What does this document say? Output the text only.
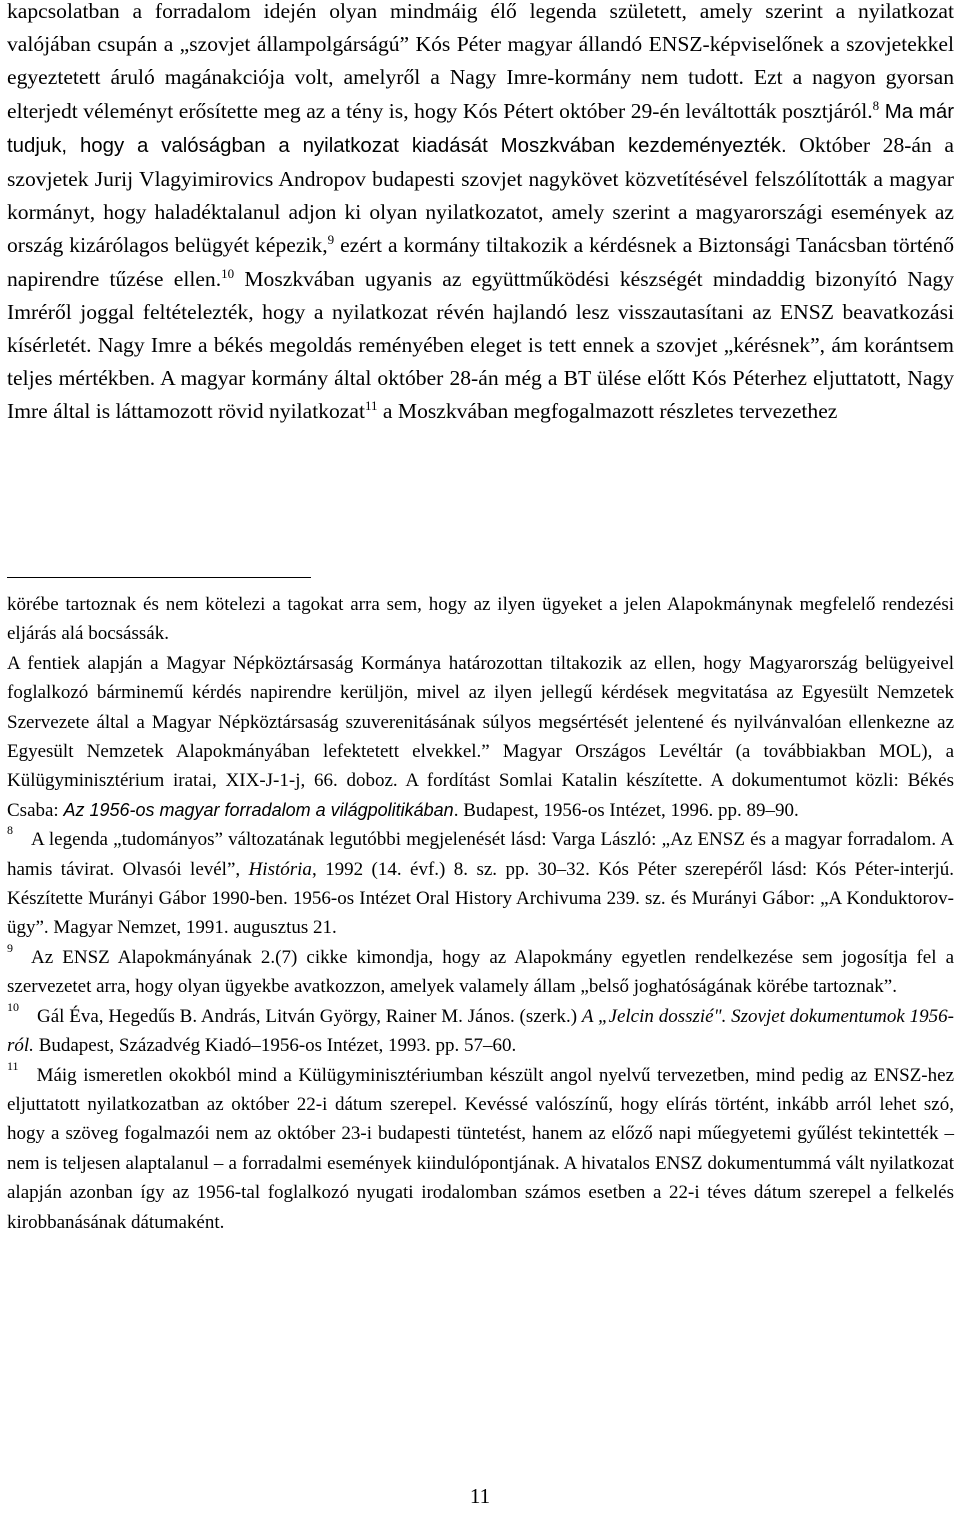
kapcsolatban a forradalom idején olyan mindmáig élő legenda született, amely szerint a nyilatkozat valójában csupán a „szovjet állampolgárságú” Kós Péter magyar állandó ENSZ-képviselőnek a szovjetekkel egyeztetett áruló magánakciója volt, amelyről a Nagy Imre-kormány nem tudott. Ezt a nagyon gyorsan elterjedt véleményt erősítette meg az a tény is, hogy Kós Pétert október 29-én leváltották posztjáról.$^8$ Ma már tudjuk, hogy a valóságban a nyilatkozat kiadását Moszkvában kezdeményezték. Október 28-án a szovjetek Jurij Vlagyimirovics Andropov budapesti szovjet nagykövet közvetítésével felszólították a magyar kormányt, hogy haladéktalanul adjon ki olyan nyilatkozatot, amely szerint a magyarországi események az ország kizárólagos belügyét képezik,$^9$ ezért a kormány tiltakozik a kérdésnek a Biztonsági Tanácsban történő napirendre tűzése ellen.$^{10}$ Moszkvában ugyanis az együttműködési készségét mindaddig bizonyító Nagy Imréről joggal feltételezték, hogy a nyilatkozat révén hajlandó lesz visszautasítani az ENSZ beavatkozási kísérletét. Nagy Imre a békés megoldás reményében eleget is tett ennek a szovjet „kérésnek”, ám korántsem teljes mértékben. A magyar kormány által október 28-án még a BT ülése előtt Kós Péterhez eljuttatott, Nagy Imre által is láttamozott rövid nyilatkozat$^{11}$ a Moszkvában megfogalmazott részletes tervezethez

körébe tartoznak és nem kötelezi a tagokat arra sem, hogy az ilyen ügyeket a jelen Alapokmánynak megfelelő rendezési eljárás alá bocsássák.

A fentiek alapján a Magyar Népköztársaság Kormánya határozottan tiltakozik az ellen, hogy Magyarország belügyeivel foglalkozó bárminemű kérdés napirendre kerüljön, mivel az ilyen jellegű kérdések megvitatása az Egyesült Nemzetek Szervezete által a Magyar Népköztársaság szuverenitásának súlyos megsértését jelentené és nyilvánvalóan ellenkezne az Egyesült Nemzetek Alapokmányában lefektetett elvekkel.” Magyar Országos Levéltár (a továbbiakban MOL), a Külügyminisztérium iratai, XIX-J-1-j, 66. doboz. A fordítást Somlai Katalin készítette. A dokumentumot közli: Békés Csaba: Az 1956-os magyar forradalom a világpolitikában. Budapest, 1956-os Intézet, 1996. pp. 89–90.

$^8$ A legenda „tudományos” változatának legutóbbi megjelenését lásd: Varga László: „Az ENSZ és a magyar forradalom. A hamis távirat. Olvasói levél”, História, 1992 (14. évf.) 8. sz. pp. 30–32. Kós Péter szerepéről lásd: Kós Péter-interjú. Készítette Murányi Gábor 1990-ben. 1956-os Intézet Oral History Archivuma 239. sz. és Murányi Gábor: „A Konduktorov-ügy”. Magyar Nemzet, 1991. augusztus 21.

$^9$ Az ENSZ Alapokmányának 2.(7) cikke kimondja, hogy az Alapokmány egyetlen rendelkezése sem jogosítja fel a szervezetet arra, hogy olyan ügyekbe avatkozzon, amelyek valamely állam „belső joghatóságának körébe tartoznak”.

$^{10}$ Gál Éva, Hegedűs B. András, Litván György, Rainer M. János. (szerk.) A „Jelcin dosszié". Szovjet dokumentumok 1956-ról. Budapest, Századvég Kiadó–1956-os Intézet, 1993. pp. 57–60.

$^{11}$ Máig ismeretlen okokból mind a Külügyminisztériumban készült angol nyelvű tervezetben, mind pedig az ENSZ-hez eljuttatott nyilatkozatban az október 22-i dátum szerepel. Kevéssé valószínű, hogy elírás történt, inkább arról lehet szó, hogy a szöveg fogalmazói nem az október 23-i budapesti tüntetést, hanem az előző napi műegyetemi gyűlést tekintették – nem is teljesen alaptalanul – a forradalmi események kiindulópontjának. A hivatalos ENSZ dokumentummá vált nyilatkozat alapján azonban így az 1956-tal foglalkozó nyugati irodalomban számos esetben a 22-i téves dátum szerepel a felkelés kirobbanásának dátumaként.

11
